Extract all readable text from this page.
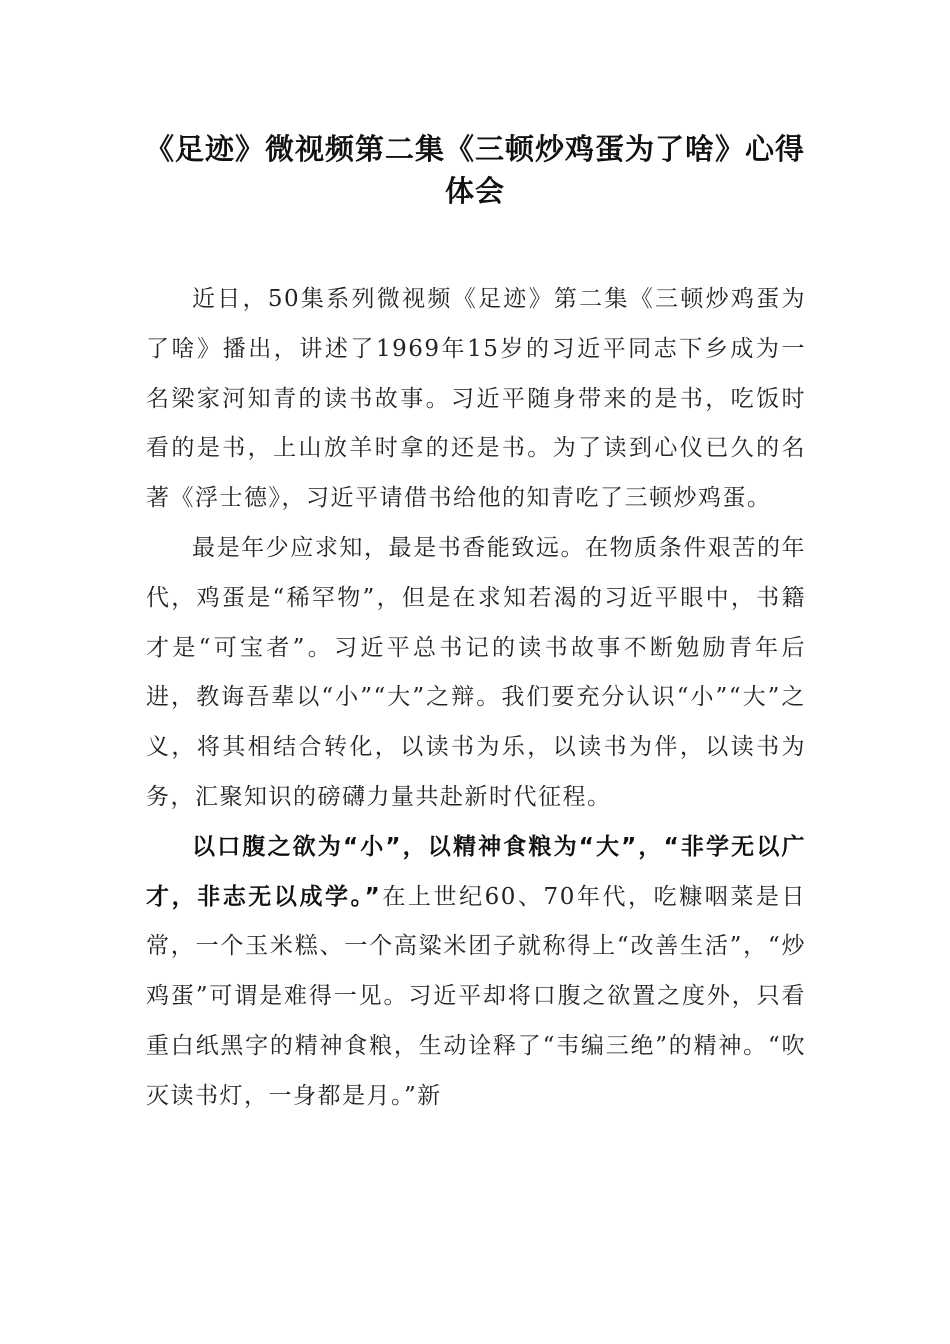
《足迹》微视频第二集《三顿炒鸡蛋为了啥》心得体会

近日，50集系列微视频《足迹》第二集《三顿炒鸡蛋为了啥》播出，讲述了1969年15岁的习近平同志下乡成为一名梁家河知青的读书故事。习近平随身带来的是书，吃饭时看的是书，上山放羊时拿的还是书。为了读到心仪已久的名著《浮士德》，习近平请借书给他的知青吃了三顿炒鸡蛋。

最是年少应求知，最是书香能致远。在物质条件艰苦的年代，鸡蛋是“稀罕物”，但是在求知若渴的习近平眼中，书籍才是“可宝者”。习近平总书记的读书故事不断勉励青年后进，教诲吾辈以“小”“大”之辩。我们要充分认识“小”“大”之义，将其相结合转化，以读书为乐，以读书为伴，以读书为务，汇聚知识的磅礴力量共赴新时代征程。

以口腹之欲为“小”，以精神食粮为“大”，“非学无以广才，非志无以成学。”在上世纪60、70年代，吃糠咽菜是日常，一个玉米糕、一个高粱米团子就称得上“改善生活”，“炒鸡蛋”可谓是难得一见。习近平却将口腹之欲置之度外，只看重白纸黑字的精神食粮，生动诠释了“韦编三绝”的精神。“吹灭读书灯，一身都是月。”新
